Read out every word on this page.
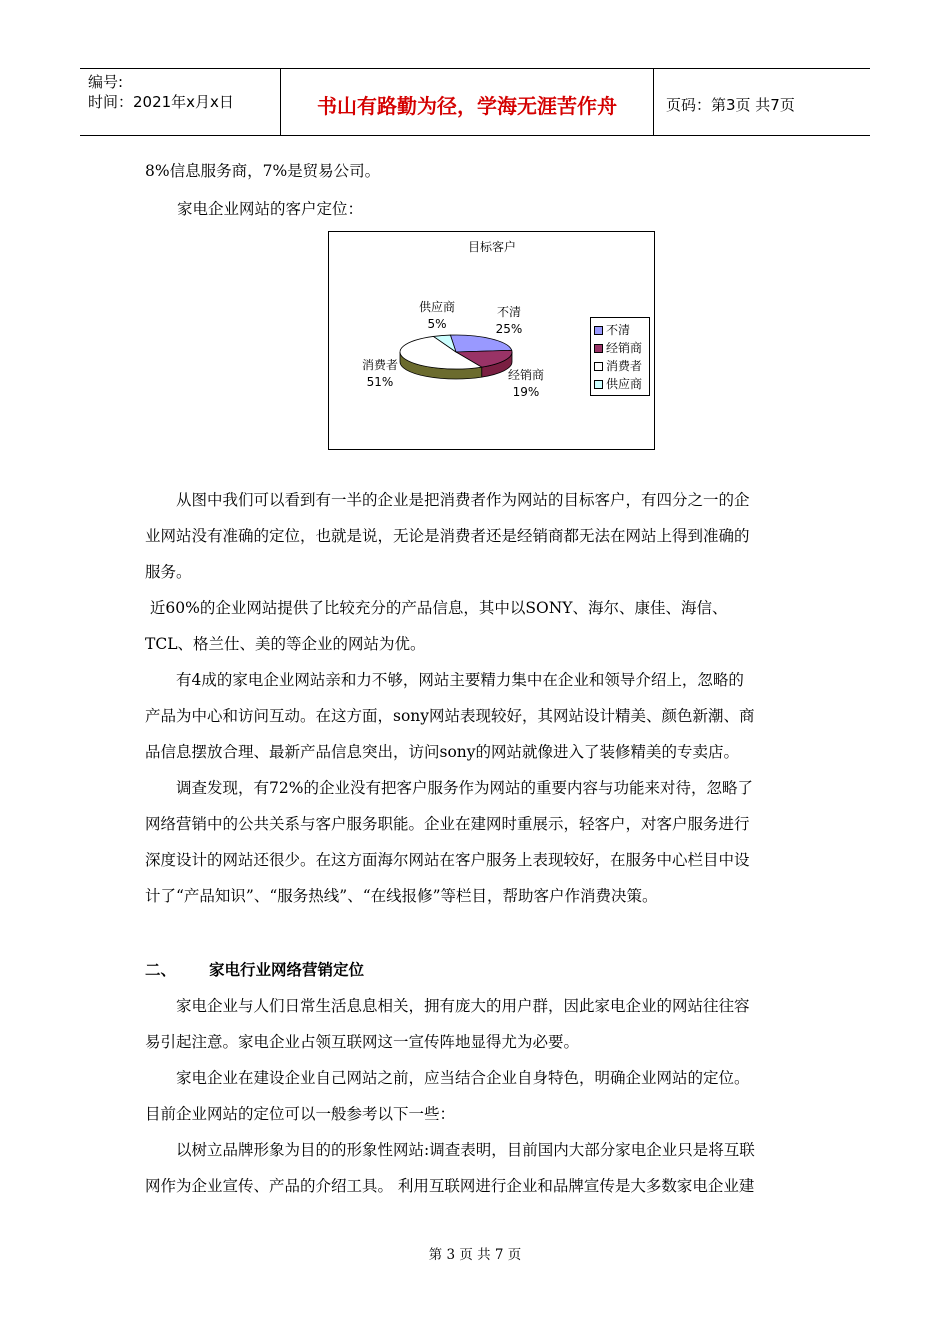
编号:
时间：2021年x月x日	书山有路勤为径，学海无涯苦作舟	页码：第3页 共7页

8%信息服务商，7%是贸易公司。

家电企业网站的客户定位：

目标客户
不清
25%
经销商
19%
消费者
51%
供应商
5%	不清
经销商
消费者
供应商
　　从图中我们可以看到有一半的企业是把消费者作为网站的目标客户，有四分之一的企
业网站没有准确的定位，也就是说，无论是消费者还是经销商都无法在网站上得到准确的
服务。
近60%的企业网站提供了比较充分的产品信息，其中以SONY、海尔、康佳、海信、
TCL、格兰仕、美的等企业的网站为优。
　　有4成的家电企业网站亲和力不够，网站主要精力集中在企业和领导介绍上，忽略的
产品为中心和访问互动。在这方面，sony网站表现较好，其网站设计精美、颜色新潮、商
品信息摆放合理、最新产品信息突出，访问sony的网站就像进入了装修精美的专卖店。
　　调查发现，有72%的企业没有把客户服务作为网站的重要内容与功能来对待，忽略了
网络营销中的公共关系与客户服务职能。企业在建网时重展示，轻客户，对客户服务进行
深度设计的网站还很少。在这方面海尔网站在客户服务上表现较好，在服务中心栏目中设
计了“产品知识”、“服务热线”、“在线报修”等栏目，帮助客户作消费决策。
　　家电企业与人们日常生活息息相关，拥有庞大的用户群，因此家电企业的网站往往容
易引起注意。家电企业占领互联网这一宣传阵地显得尤为必要。
　　家电企业在建设企业自己网站之前，应当结合企业自身特色，明确企业网站的定位。
目前企业网站的定位可以一般参考以下一些：
　　以树立品牌形象为目的的形象性网站:调查表明，目前国内大部分家电企业只是将互联
网作为企业宣传、产品的介绍工具。 利用互联网进行企业和品牌宣传是大多数家电企业建
二、 家电行业网络营销定位
第 3 页 共 7 页
